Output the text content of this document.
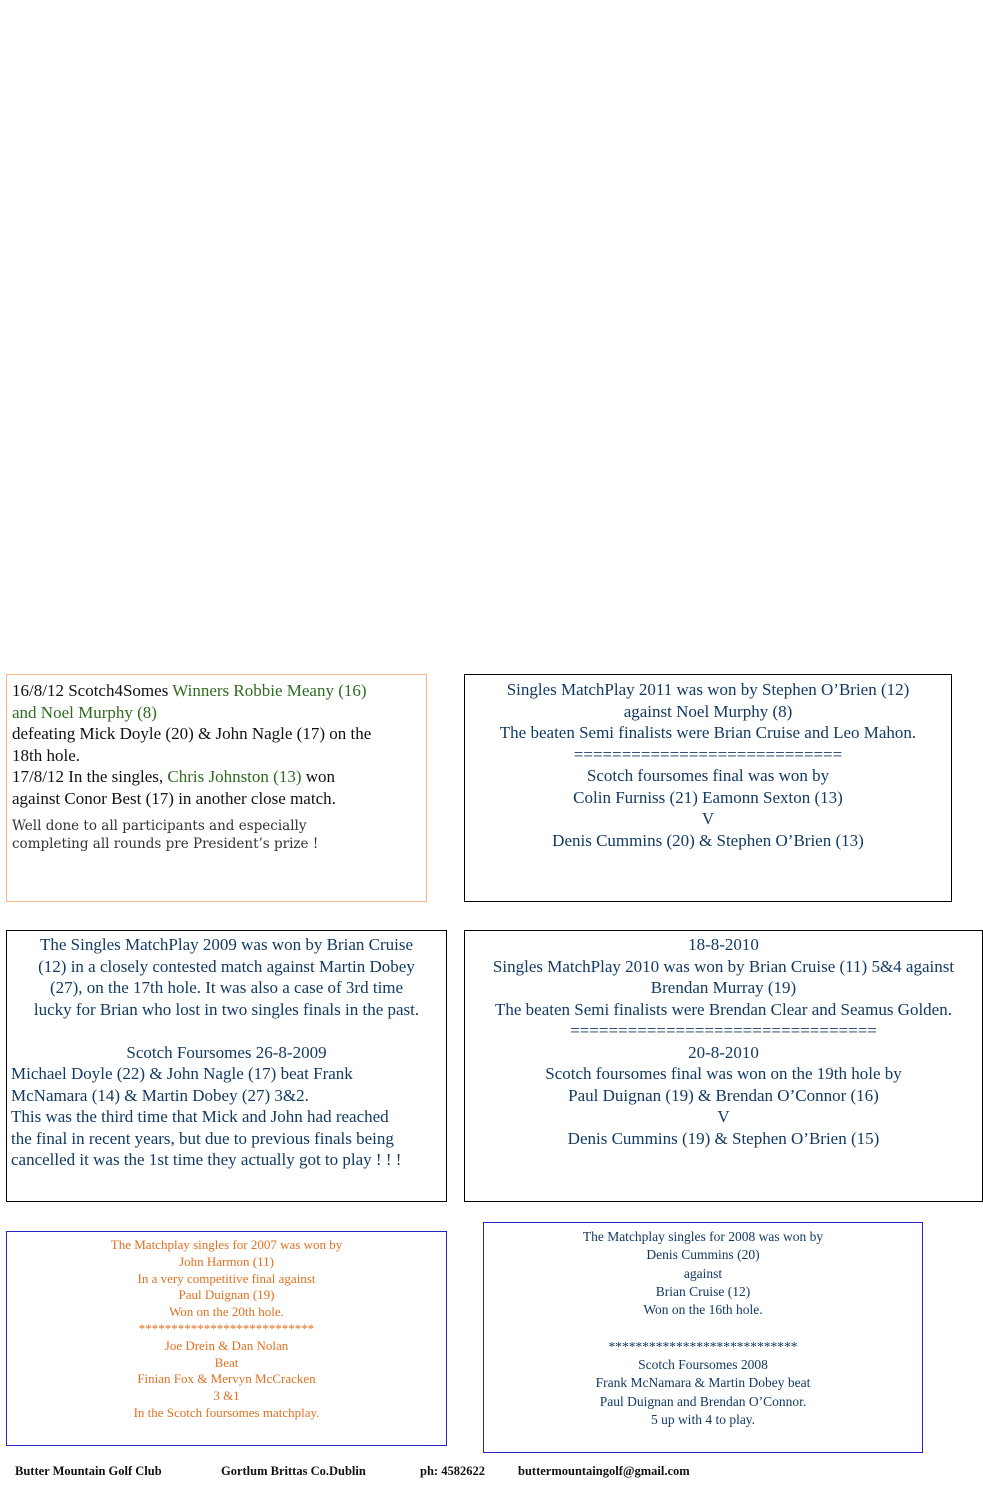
16/8/12 Scotch4Somes Winners Robbie Meany (16)
and Noel Murphy (8)
defeating Mick Doyle (20) & John Nagle (17) on the
18th hole.
17/8/12 In the singles, Chris Johnston (13) won
against Conor Best (17) in another close match.
Well done to all participants and especially
completing all rounds pre President’s prize !
Singles MatchPlay 2011 was won by Stephen O’Brien (12)
against Noel Murphy (8)
The beaten Semi finalists were Brian Cruise and Leo Mahon.
============================
Scotch foursomes final was won by
Colin Furniss (21) Eamonn Sexton (13)
V
Denis Cummins (20) & Stephen O’Brien (13)
The Singles MatchPlay 2009 was won by Brian Cruise
(12) in a closely contested match against Martin Dobey
(27), on the 17th hole. It was also a case of 3rd time
lucky for Brian who lost in two singles finals in the past.
Scotch Foursomes 26-8-2009
Michael Doyle (22) & John Nagle (17) beat Frank
McNamara (14) & Martin Dobey (27) 3&2.
This was the third time that Mick and John had reached
the final in recent years, but due to previous finals being
cancelled it was the 1st time they actually got to play ! ! !
18-8-2010
Singles MatchPlay 2010 was won by Brian Cruise (11) 5&4 against
Brendan Murray (19)
The beaten Semi finalists were Brendan Clear and Seamus Golden.
================================
20-8-2010
Scotch foursomes final was won on the 19th hole by
Paul Duignan (19) & Brendan O’Connor (16)
V
Denis Cummins (19) & Stephen O’Brien (15)
The Matchplay singles for 2007 was won by
John Harmon (11)
In a very competitive final against
Paul Duignan (19)
Won on the 20th hole.
***************************
Joe Drein & Dan Nolan
Beat
Finian Fox & Mervyn McCracken
3 &1
In the Scotch foursomes matchplay.
The Matchplay singles for 2008 was won by
Denis Cummins (20)
against
Brian Cruise (12)
Won on the 16th hole.
****************************
Scotch Foursomes 2008
Frank McNamara & Martin Dobey beat
Paul Duignan and Brendan O’Connor.
5 up with 4 to play.
Butter Mountain Golf Club	Gortlum Brittas Co.Dublin	ph: 4582622	buttermountaingolf@gmail.com
